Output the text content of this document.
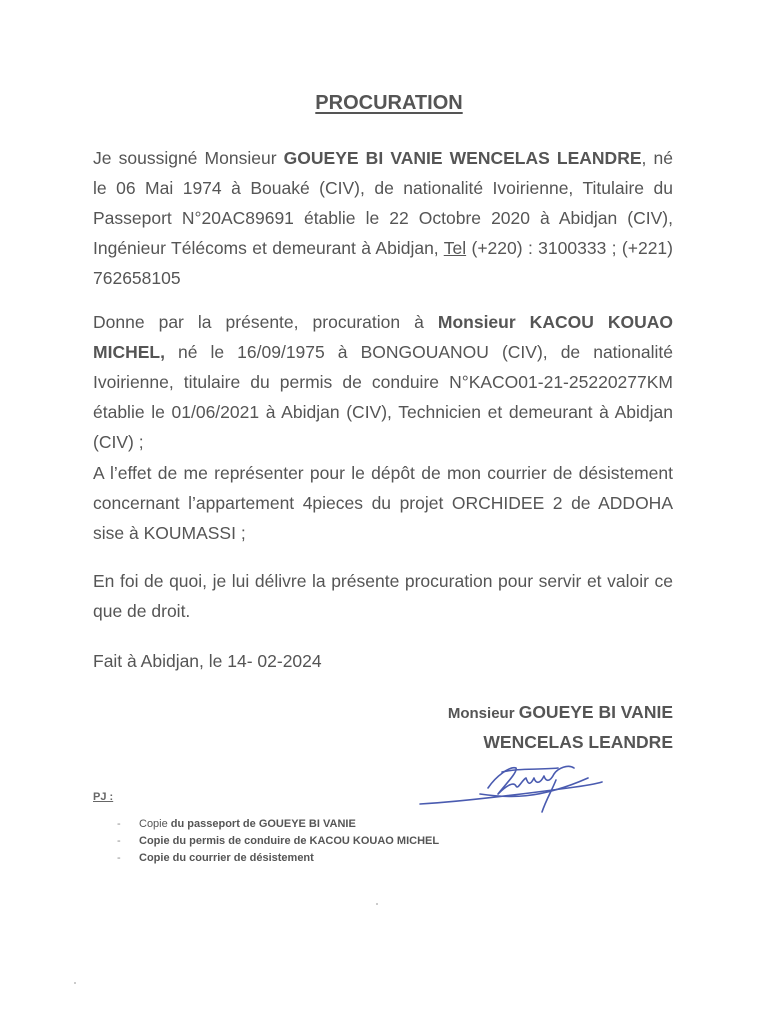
PROCURATION
Je soussigné Monsieur GOUEYE BI VANIE WENCELAS LEANDRE, né le 06 Mai 1974 à Bouaké (CIV), de nationalité Ivoirienne, Titulaire du Passeport N°20AC89691 établie le 22 Octobre 2020 à Abidjan (CIV), Ingénieur Télécoms et demeurant à Abidjan, Tel (+220) : 3100333 ; (+221) 762658105
Donne par la présente, procuration à Monsieur KACOU KOUAO MICHEL, né le 16/09/1975 à BONGOUANOU (CIV), de nationalité Ivoirienne, titulaire du permis de conduire N°KACO01-21-25220277KM établie le 01/06/2021 à Abidjan (CIV), Technicien et demeurant à Abidjan (CIV) ;
A l’effet de me représenter pour le dépôt de mon courrier de désistement concernant l’appartement 4pieces du projet ORCHIDEE 2 de ADDOHA sise à KOUMASSI ;
En foi de quoi, je lui délivre la présente procuration pour servir et valoir ce que de droit.
Fait à Abidjan, le 14- 02-2024
Monsieur GOUEYE BI VANIE
WENCELAS LEANDRE
PJ :
- Copie du passeport de GOUEYE BI VANIE
- Copie du permis de conduire de KACOU KOUAO MICHEL
- Copie du courrier de désistement
